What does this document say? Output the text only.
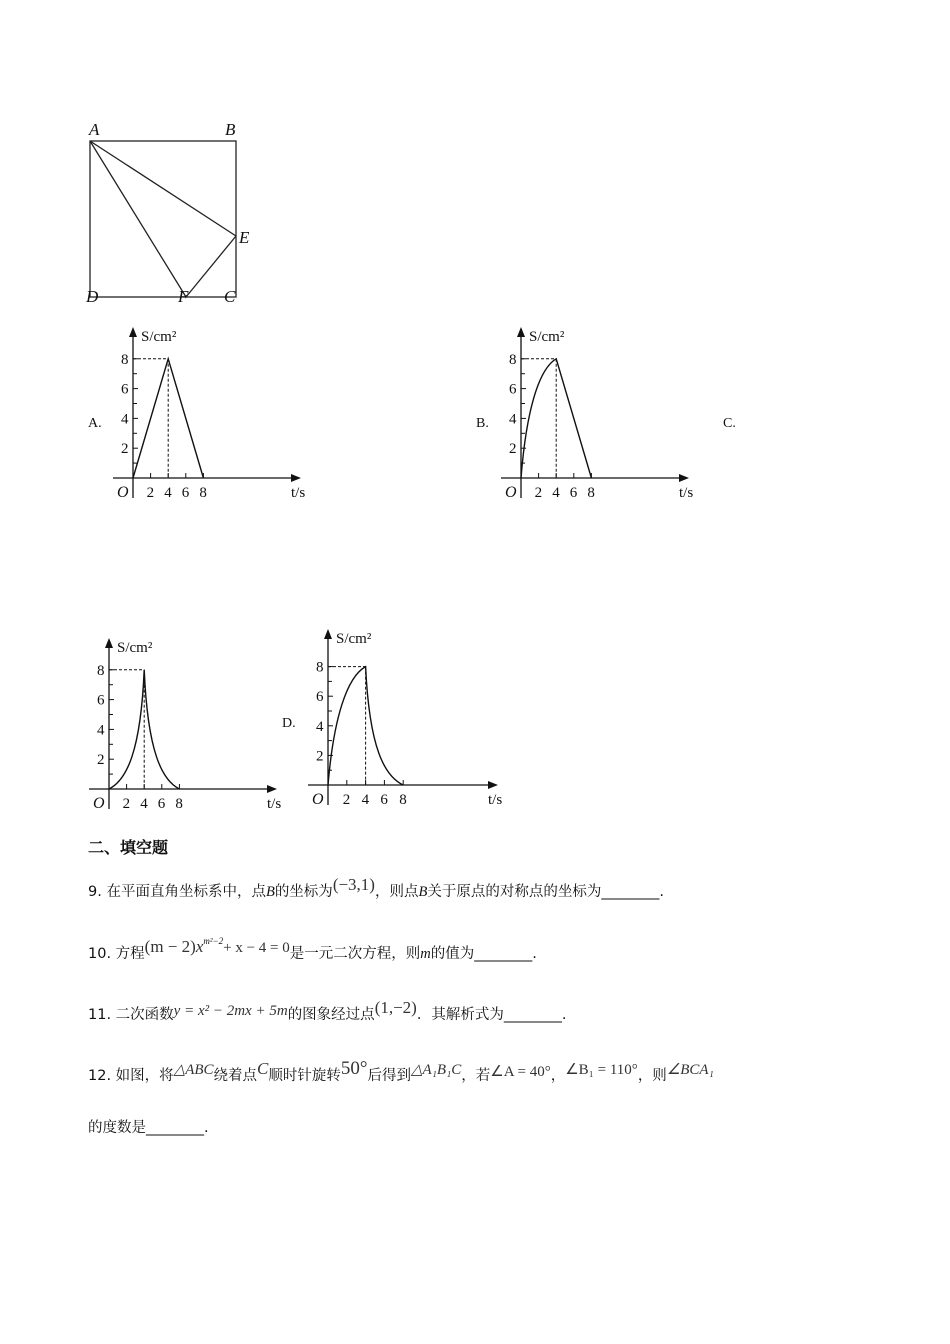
A	B
E
D	F C
A.	B.	C.
D.
2
2
4
4
6
6
8
8
O
S/cm²
t/s
2
2
4
4
6
6
8
8
O
S/cm²
t/s
2
2
4
4
6
6
8
8
O
S/cm²
t/s
2
2
4
4
6
6
8
8
O
S/cm²
t/s
二、填空题
9. 在平面直角坐标系中，点B的坐标为(−3,1)，则点B关于原点的对称点的坐标为________.
10. 方程$(m - 2)x^{m^2-2}+ x - 4 = 0$是一元二次方程，则m的值为________.
11. 二次函数y = x² − 2mx + 5m的图象经过点(1,−2)．其解析式为________.
12. 如图，将△ABC绕着点C顺时针旋转50°后得到△A₁B₁C，若∠A = 40°，∠B₁ = 110°，则∠BCA₁
的度数是________.
